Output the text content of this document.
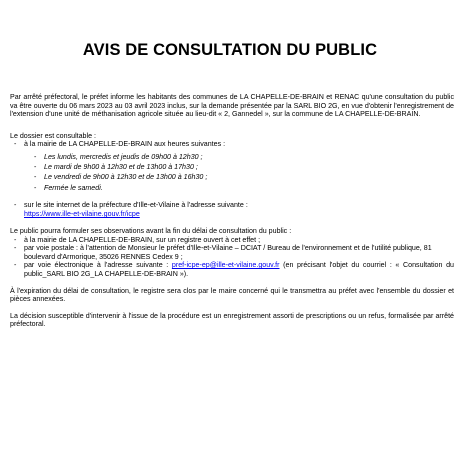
AVIS DE CONSULTATION DU PUBLIC

Par arrêté préfectoral, le préfet informe les habitants des communes de LA CHAPELLE-DE-BRAIN et RENAC qu'une consultation du public va être ouverte du 06 mars 2023 au 03 avril 2023 inclus, sur la demande présentée par la SARL BIO 2G, en vue d'obtenir l'enregistrement de l'extension d'une unité de méthanisation agricole située au lieu-dit « 2, Gannedel », sur la commune de LA CHAPELLE-DE-BRAIN.

Le dossier est consultable :

-	à la mairie de LA CHAPELLE-DE-BRAIN aux heures suivantes :
-	Les lundis, mercredis et jeudis de 09h00 à 12h30 ;
-	Le mardi de 9h00 à 12h30 et de 13h00 à 17h30 ;
-	Le vendredi de 9h00 à 12h30 et de 13h00 à 16h30 ;
-	Fermée le samedi.
-	sur le site internet de la préfecture d'Ille-et-Vilaine à l'adresse suivante :
https://www.ille-et-vilaine.gouv.fr/icpe

Le public pourra formuler ses observations avant la fin du délai de consultation du public :

-	à la mairie de LA CHAPELLE-DE-BRAIN, sur un registre ouvert à cet effet ;
-	par voie postale : à l'attention de Monsieur le préfet d'Ille-et-Vilaine – DCIAT / Bureau de l'environnement et de l'utilité publique, 81 boulevard d'Armorique, 35026 RENNES Cedex 9 ;
-	par voie électronique à l'adresse suivante : pref-icpe-ep@ille-et-vilaine.gouv.fr (en précisant l'objet du courriel : « Consultation du public_SARL BIO 2G_LA CHAPELLE-DE-BRAIN »).

À l'expiration du délai de consultation, le registre sera clos par le maire concerné qui le transmettra au préfet avec l'ensemble du dossier et pièces annexées.

La décision susceptible d'intervenir à l'issue de la procédure est un enregistrement assorti de prescriptions ou un refus, formalisée par arrêté préfectoral.
